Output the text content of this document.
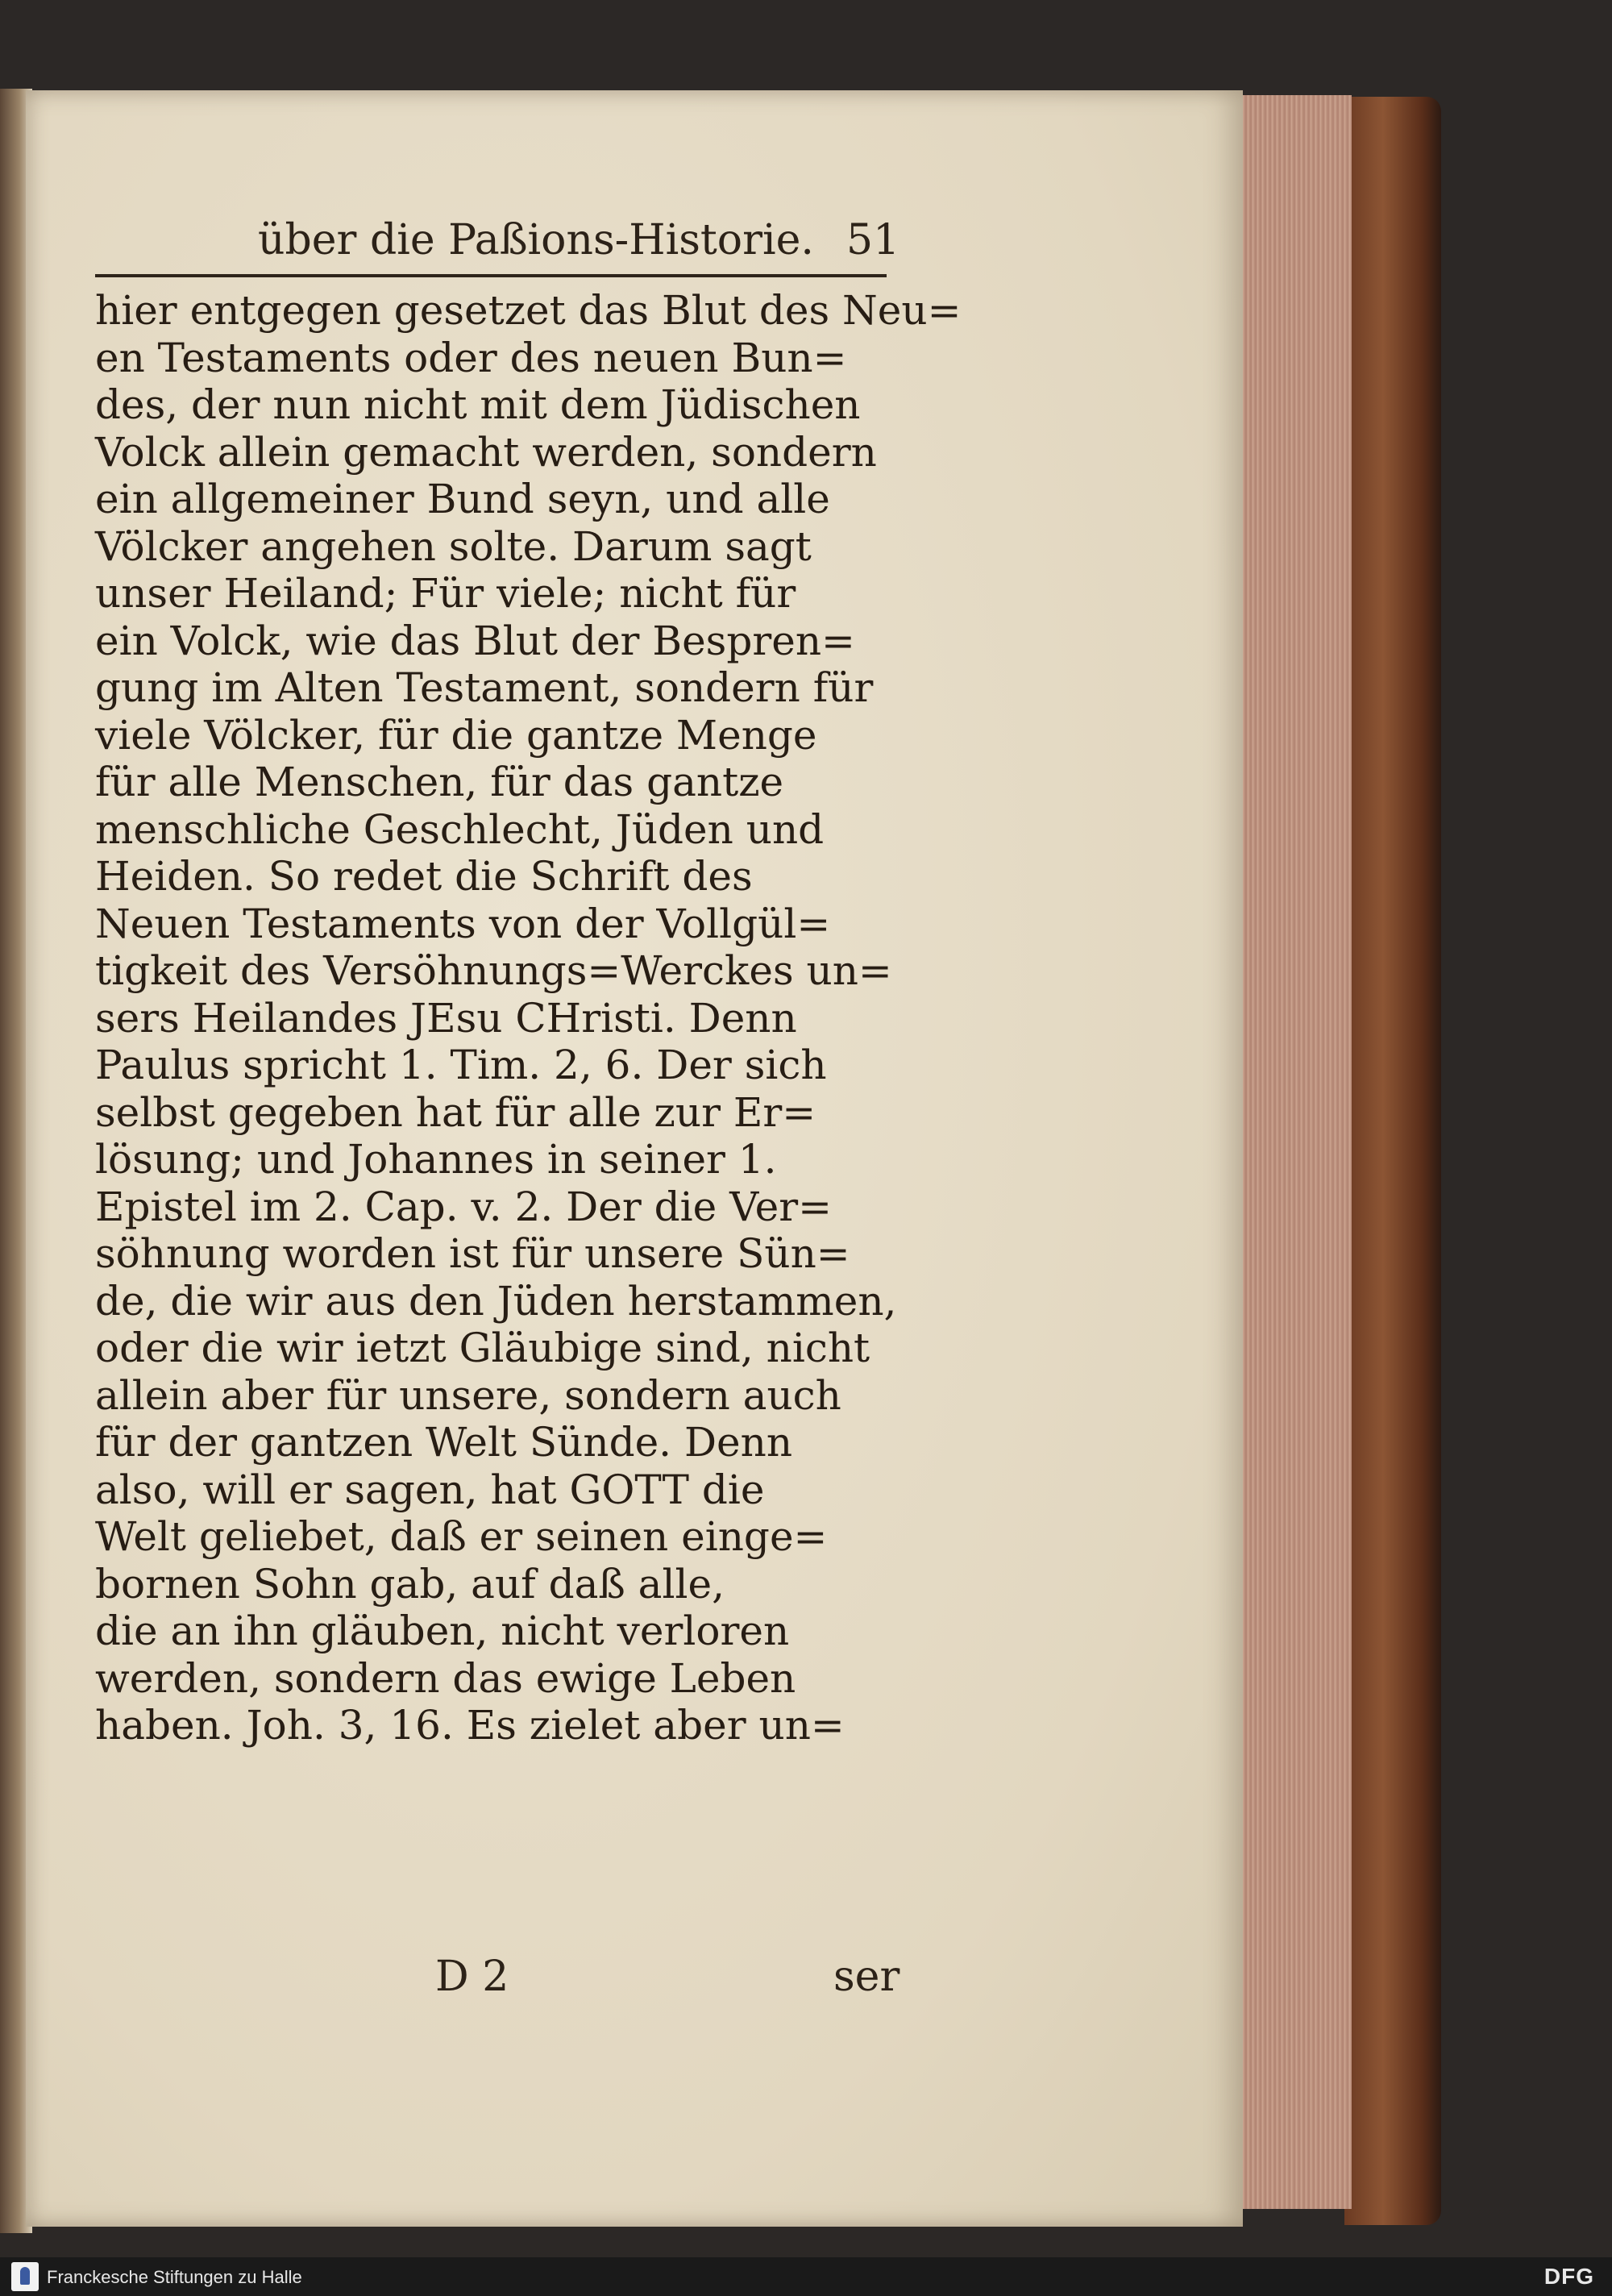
über die Paßions-Historie. 51
hier entgegen gesetzet das Blut des Neu=
en Testaments oder des neuen Bun=
des, der nun nicht mit dem Jüdischen
Volck allein gemacht werden, sondern
ein allgemeiner Bund seyn, und alle
Völcker angehen solte. Darum sagt
unser Heiland; Für viele; nicht für
ein Volck, wie das Blut der Bespren=
gung im Alten Testament, sondern für
viele Völcker, für die gantze Menge
für alle Menschen, für das gantze
menschliche Geschlecht, Jüden und
Heiden. So redet die Schrift des
Neuen Testaments von der Vollgül=
tigkeit des Versöhnungs=Werckes un=
sers Heilandes JEsu CHristi. Denn
Paulus spricht 1. Tim. 2, 6. Der sich
selbst gegeben hat für alle zur Er=
lösung; und Johannes in seiner 1.
Epistel im 2. Cap. v. 2. Der die Ver=
söhnung worden ist für unsere Sün=
de, die wir aus den Jüden herstammen,
oder die wir ietzt Gläubige sind, nicht
allein aber für unsere, sondern auch
für der gantzen Welt Sünde. Denn
also, will er sagen, hat GOTT die
Welt geliebet, daß er seinen einge=
bornen Sohn gab, auf daß alle,
die an ihn gläuben, nicht verloren
werden, sondern das ewige Leben
haben. Joh. 3, 16. Es zielet aber un=
D 2	ser
Franckesche Stiftungen zu Halle	DFG
